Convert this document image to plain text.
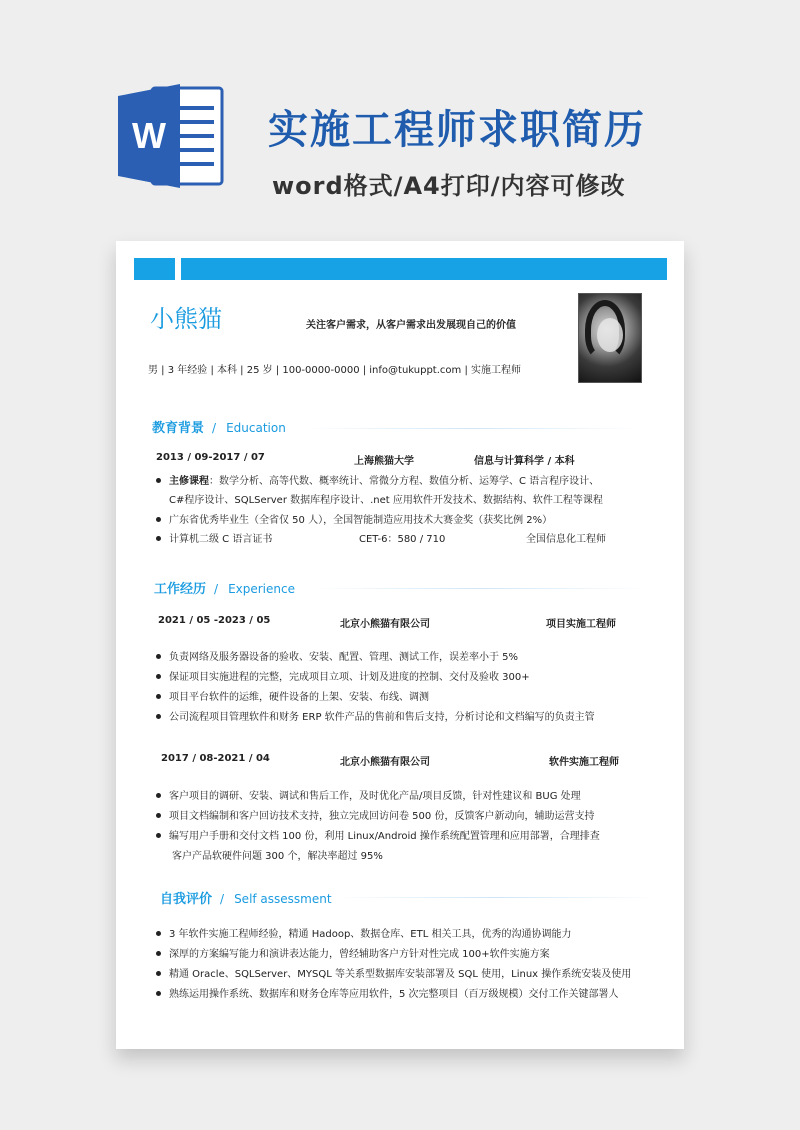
W	实施工程师求职简历
word格式/A4打印/内容可修改
小熊猫	关注客户需求，从客户需求出发展现自己的价值
男 | 3 年经验 | 本科 | 25 岁 | 100-0000-0000 | info@tukuppt.com | 实施工程师
教育背景 / Education
2013 / 09-2017 / 07	上海熊猫大学	信息与计算科学 / 本科
主修课程：数学分析、高等代数、概率统计、常微分方程、数值分析、运筹学、C 语言程序设计、
C#程序设计、SQLServer 数据库程序设计、.net 应用软件开发技术、数据结构、软件工程等课程
广东省优秀毕业生（全省仅 50 人），全国智能制造应用技术大赛金奖（获奖比例 2%）
计算机二级 C 语言证书	CET-6：580 / 710	全国信息化工程师
工作经历 / Experience
2021 / 05 -2023 / 05	北京小熊猫有限公司	项目实施工程师
负责网络及服务器设备的验收、安装、配置、管理、测试工作，误差率小于 5%
保证项目实施进程的完整，完成项目立项、计划及进度的控制、交付及验收 300+
项目平台软件的运维，硬件设备的上架、安装、布线、调测
公司流程项目管理软件和财务 ERP 软件产品的售前和售后支持，分析讨论和文档编写的负责主管
2017 / 08-2021 / 04	北京小熊猫有限公司	软件实施工程师
客户项目的调研、安装、调试和售后工作，及时优化产品/项目反馈，针对性建议和 BUG 处理
项目文档编制和客户回访技术支持，独立完成回访问卷 500 份，反馈客户新动向，辅助运营支持
编写用户手册和交付文档 100 份，利用 Linux/Android 操作系统配置管理和应用部署，合理排查
客户产品软硬件问题 300 个，解决率超过 95%
自我评价 / Self assessment
3 年软件实施工程师经验，精通 Hadoop、数据仓库、ETL 相关工具，优秀的沟通协调能力
深厚的方案编写能力和演讲表达能力，曾经辅助客户方针对性完成 100+软件实施方案
精通 Oracle、SQLServer、MYSQL 等关系型数据库安装部署及 SQL 使用，Linux 操作系统安装及使用
熟练运用操作系统、数据库和财务仓库等应用软件，5 次完整项目（百万级规模）交付工作关键部署人
